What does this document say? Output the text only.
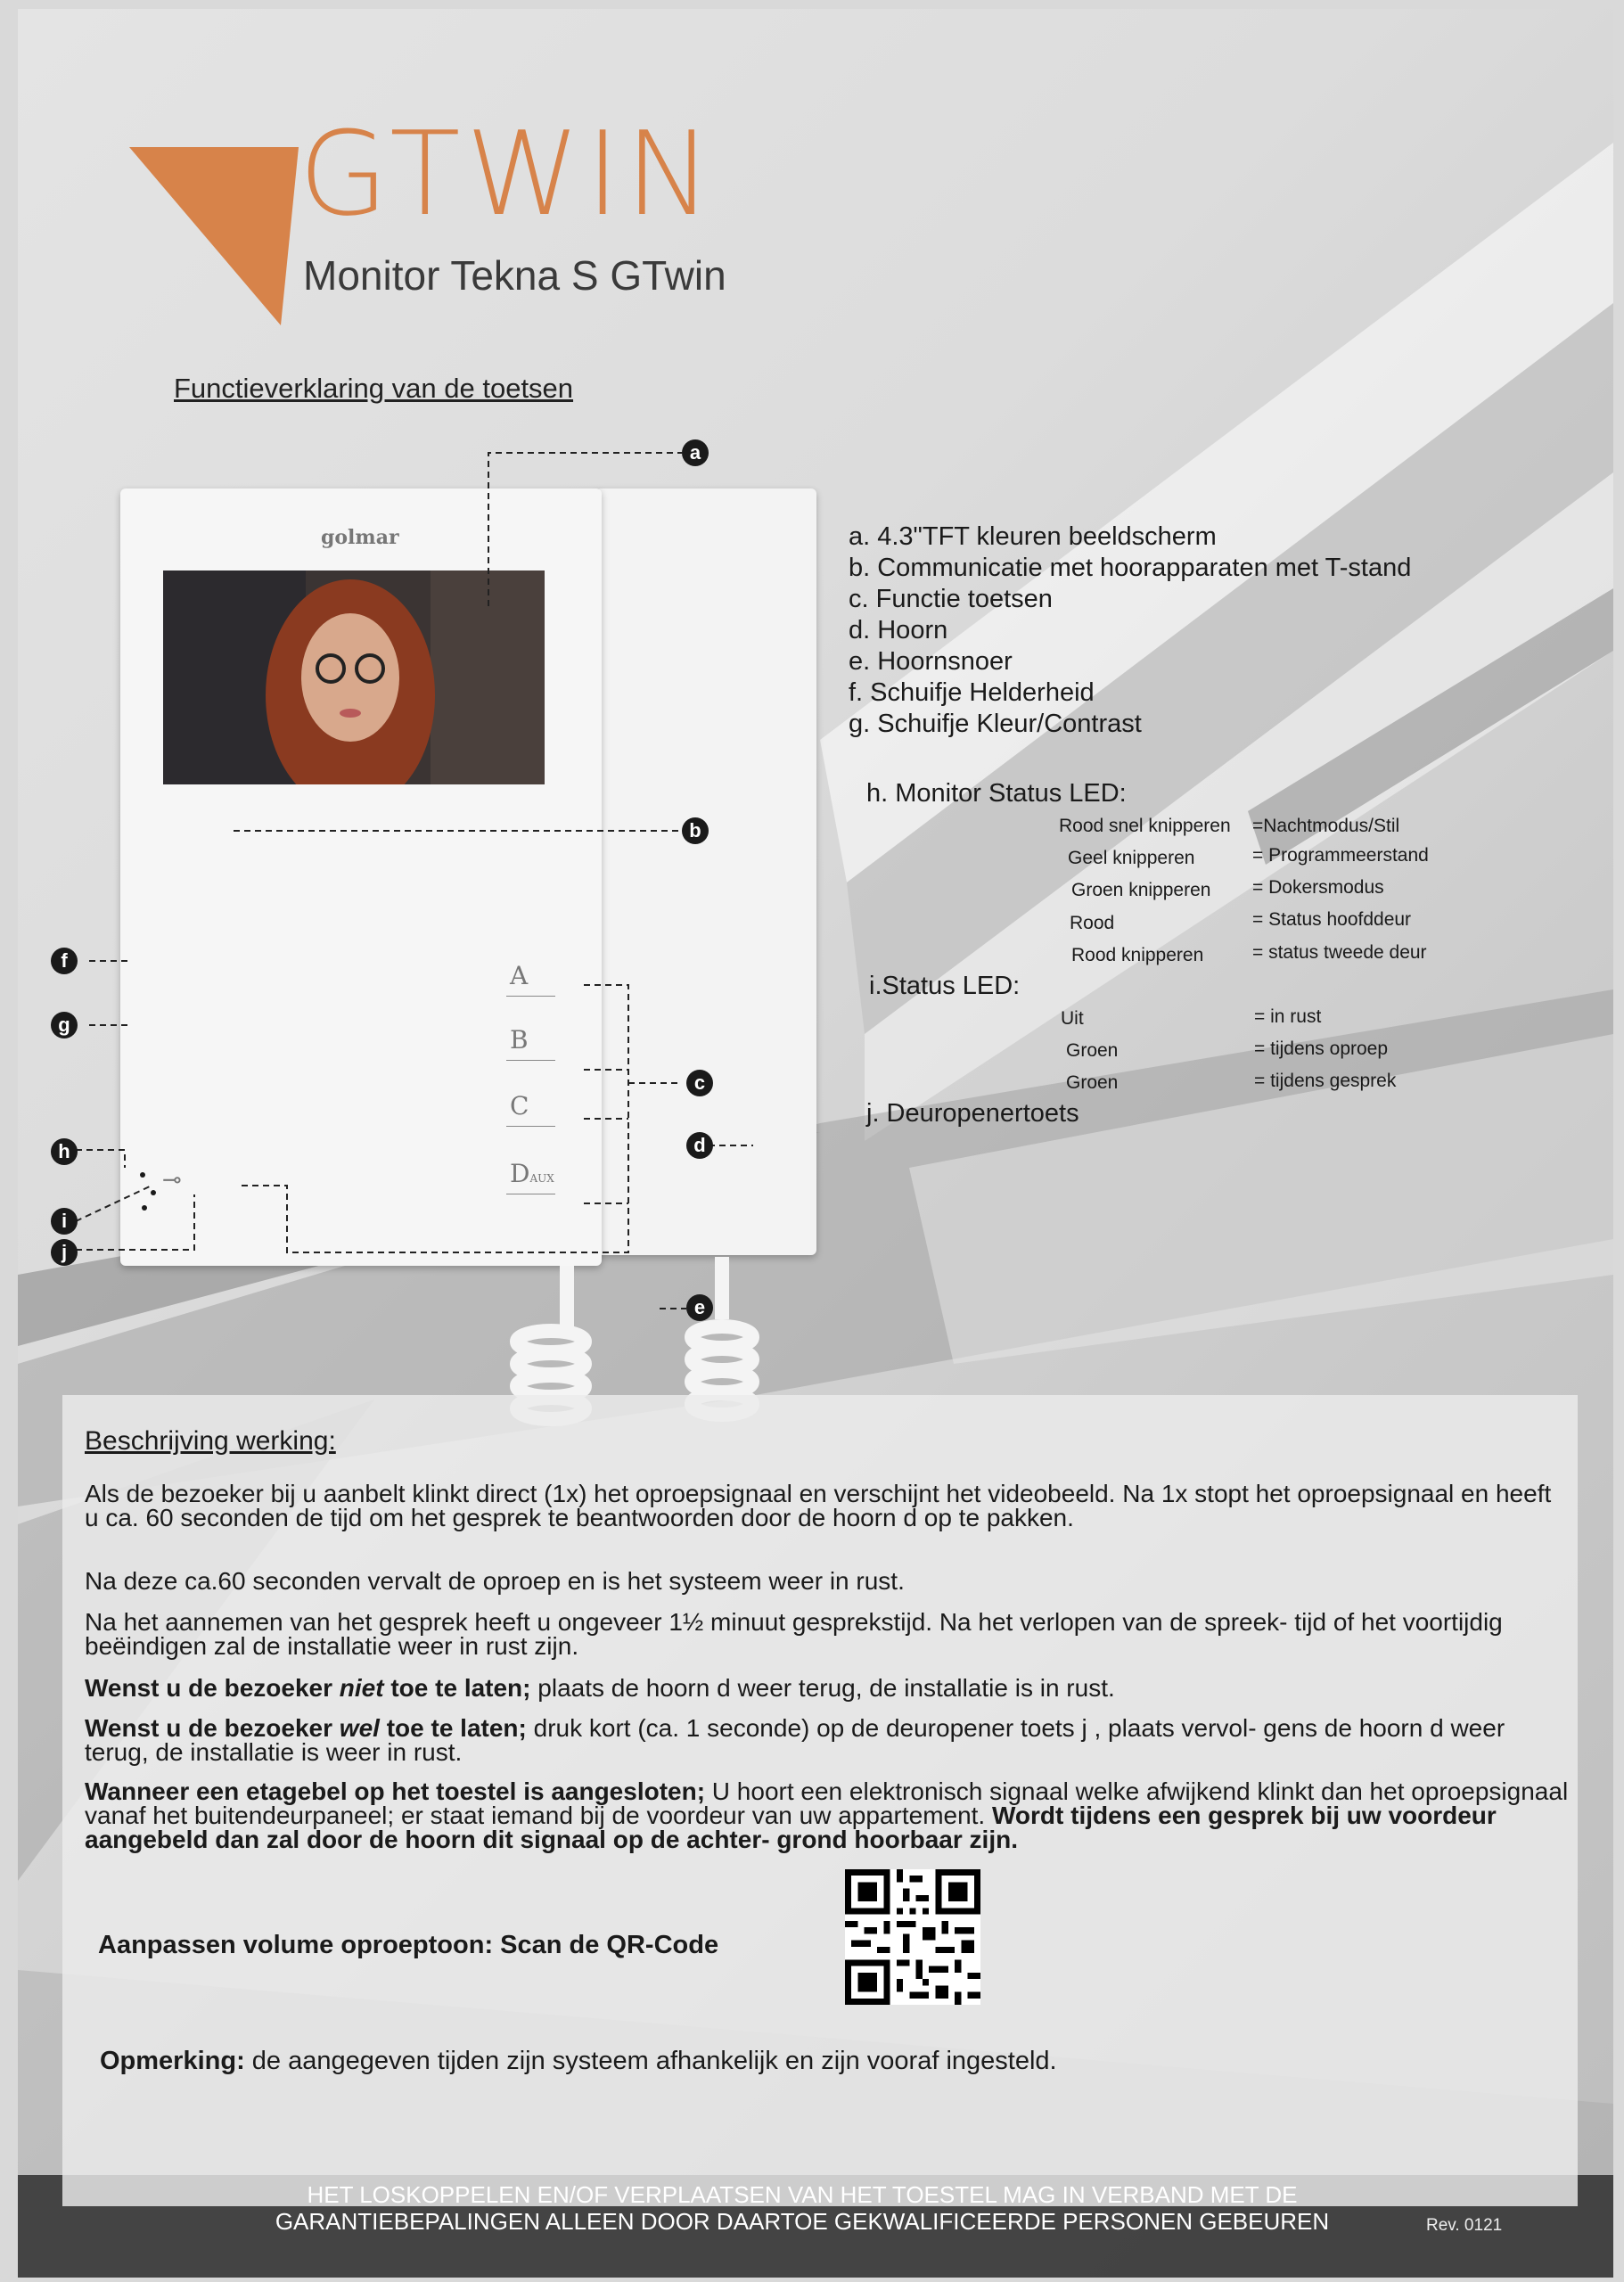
GTWIN
Monitor Tekna S GTwin
Functieverklaring van de toetsen
golmar
A
B
C
DAUX
⊸
a
b
c
d
e
f
g
h
i
j
a. 4.3"TFT kleuren beeldscherm
b. Communicatie met hoorapparaten met T-stand
c. Functie toetsen
d. Hoorn
e. Hoornsnoer
f. Schuifje Helderheid
g. Schuifje Kleur/Contrast
h. Monitor Status LED:
Rood snel knipperen =Nachtmodus/Stil
Geel knipperen	= Programmeerstand
Groen knipperen = Dokersmodus
Rood	= Status hoofddeur
Rood knipperen	= status tweede deur
i.Status LED:
Uit	= in rust
Groen	= tijdens oproep
Groen	= tijdens gesprek
j. Deuropenertoets
Beschrijving werking:
Als de bezoeker bij u aanbelt klinkt direct (1x) het oproepsignaal en verschijnt het videobeeld. Na 1x stopt het oproepsignaal en heeft u ca. 60 seconden de tijd om het gesprek te beantwoorden door de hoorn d op te pakken.
Na deze ca.60 seconden vervalt de oproep en is het systeem weer in rust.
Na het aannemen van het gesprek heeft u ongeveer 1½ minuut gesprekstijd. Na het verlopen van de spreek- tijd of het voortijdig beëindigen zal de installatie weer in rust zijn.
Wenst u de bezoeker niet toe te laten; plaats de hoorn d weer terug, de installatie is in rust.
Wenst u de bezoeker wel toe te laten; druk kort (ca. 1 seconde) op de deuropener toets j , plaats vervol- gens de hoorn d weer terug, de installatie is weer in rust.
Wanneer een etagebel op het toestel is aangesloten; U hoort een elektronisch signaal welke afwijkend klinkt dan het oproepsignaal vanaf het buitendeurpaneel; er staat iemand bij de voordeur van uw appartement. Wordt tijdens een gesprek bij uw voordeur aangebeld dan zal door de hoorn dit signaal op de achter- grond hoorbaar zijn.
Aanpassen volume oproeptoon: Scan de QR-Code
Opmerking: de aangegeven tijden zijn systeem afhankelijk en zijn vooraf ingesteld.
HET LOSKOPPELEN EN/OF VERPLAATSEN VAN HET TOESTEL MAG IN VERBAND MET DE
GARANTIEBEPALINGEN ALLEEN DOOR DAARTOE GEKWALIFICEERDE PERSONEN GEBEUREN	Rev. 0121
